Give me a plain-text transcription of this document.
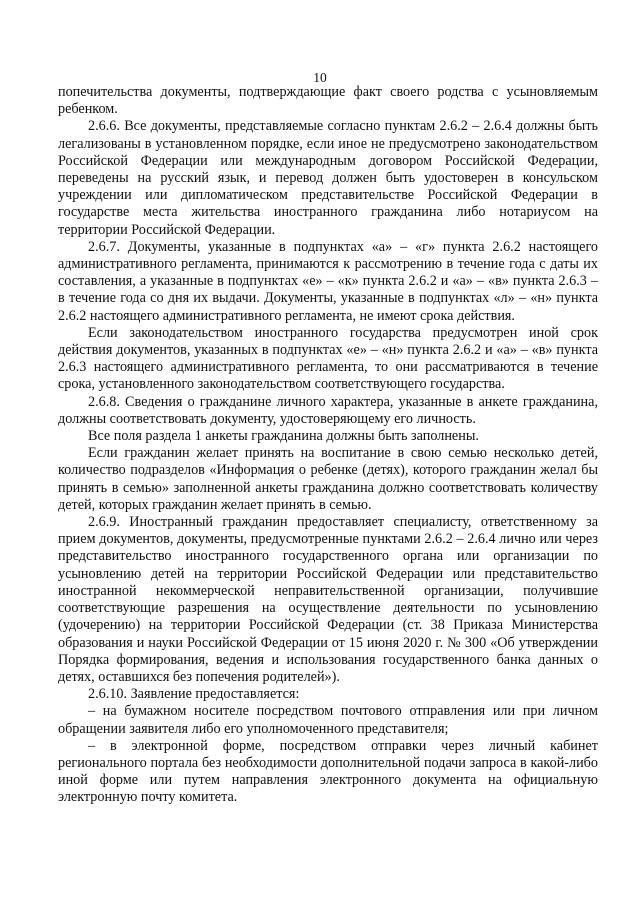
10

попечительства документы, подтверждающие факт своего родства с усыновляемым ребенком.

2.6.6. Все документы, представляемые согласно пунктам 2.6.2 – 2.6.4 должны быть легализованы в установленном порядке, если иное не предусмотрено законодательством Российской Федерации или международным договором Российской Федерации, переведены на русский язык, и перевод должен быть удостоверен в консульском учреждении или дипломатическом представительстве Российской Федерации в государстве места жительства иностранного гражданина либо нотариусом на территории Российской Федерации.

2.6.7. Документы, указанные в подпунктах «а» – «г» пункта 2.6.2 настоящего административного регламента, принимаются к рассмотрению в течение года с даты их составления, а указанные в подпунктах «е» – «к» пункта 2.6.2 и «а» – «в» пункта 2.6.3 – в течение года со дня их выдачи. Документы, указанные в подпунктах «л» – «н» пункта 2.6.2 настоящего административного регламента, не имеют срока действия.

Если законодательством иностранного государства предусмотрен иной срок действия документов, указанных в подпунктах «е» – «н» пункта 2.6.2 и «а» – «в» пункта 2.6.3 настоящего административного регламента, то они рассматриваются в течение срока, установленного законодательством соответствующего государства.

2.6.8. Сведения о гражданине личного характера, указанные в анкете гражданина, должны соответствовать документу, удостоверяющему его личность.

Все поля раздела 1 анкеты гражданина должны быть заполнены.

Если гражданин желает принять на воспитание в свою семью несколько детей, количество подразделов «Информация о ребенке (детях), которого гражданин желал бы принять в семью» заполненной анкеты гражданина должно соответствовать количеству детей, которых гражданин желает принять в семью.

2.6.9. Иностранный гражданин предоставляет специалисту, ответственному за прием документов, документы, предусмотренные пунктами 2.6.2 – 2.6.4 лично или через представительство иностранного государственного органа или организации по усыновлению детей на территории Российской Федерации или представительство иностранной некоммерческой неправительственной организации, получившие соответствующие разрешения на осуществление деятельности по усыновлению (удочерению) на территории Российской Федерации (ст. 38 Приказа Министерства образования и науки Российской Федерации от 15 июня 2020 г. № 300 «Об утверждении Порядка формирования, ведения и использования государственного банка данных о детях, оставшихся без попечения родителей»).

2.6.10. Заявление предоставляется:

– на бумажном носителе посредством почтового отправления или при личном обращении заявителя либо его уполномоченного представителя;

– в электронной форме, посредством отправки через личный кабинет регионального портала без необходимости дополнительной подачи запроса в какой-либо иной форме или путем направления электронного документа на официальную электронную почту комитета.
